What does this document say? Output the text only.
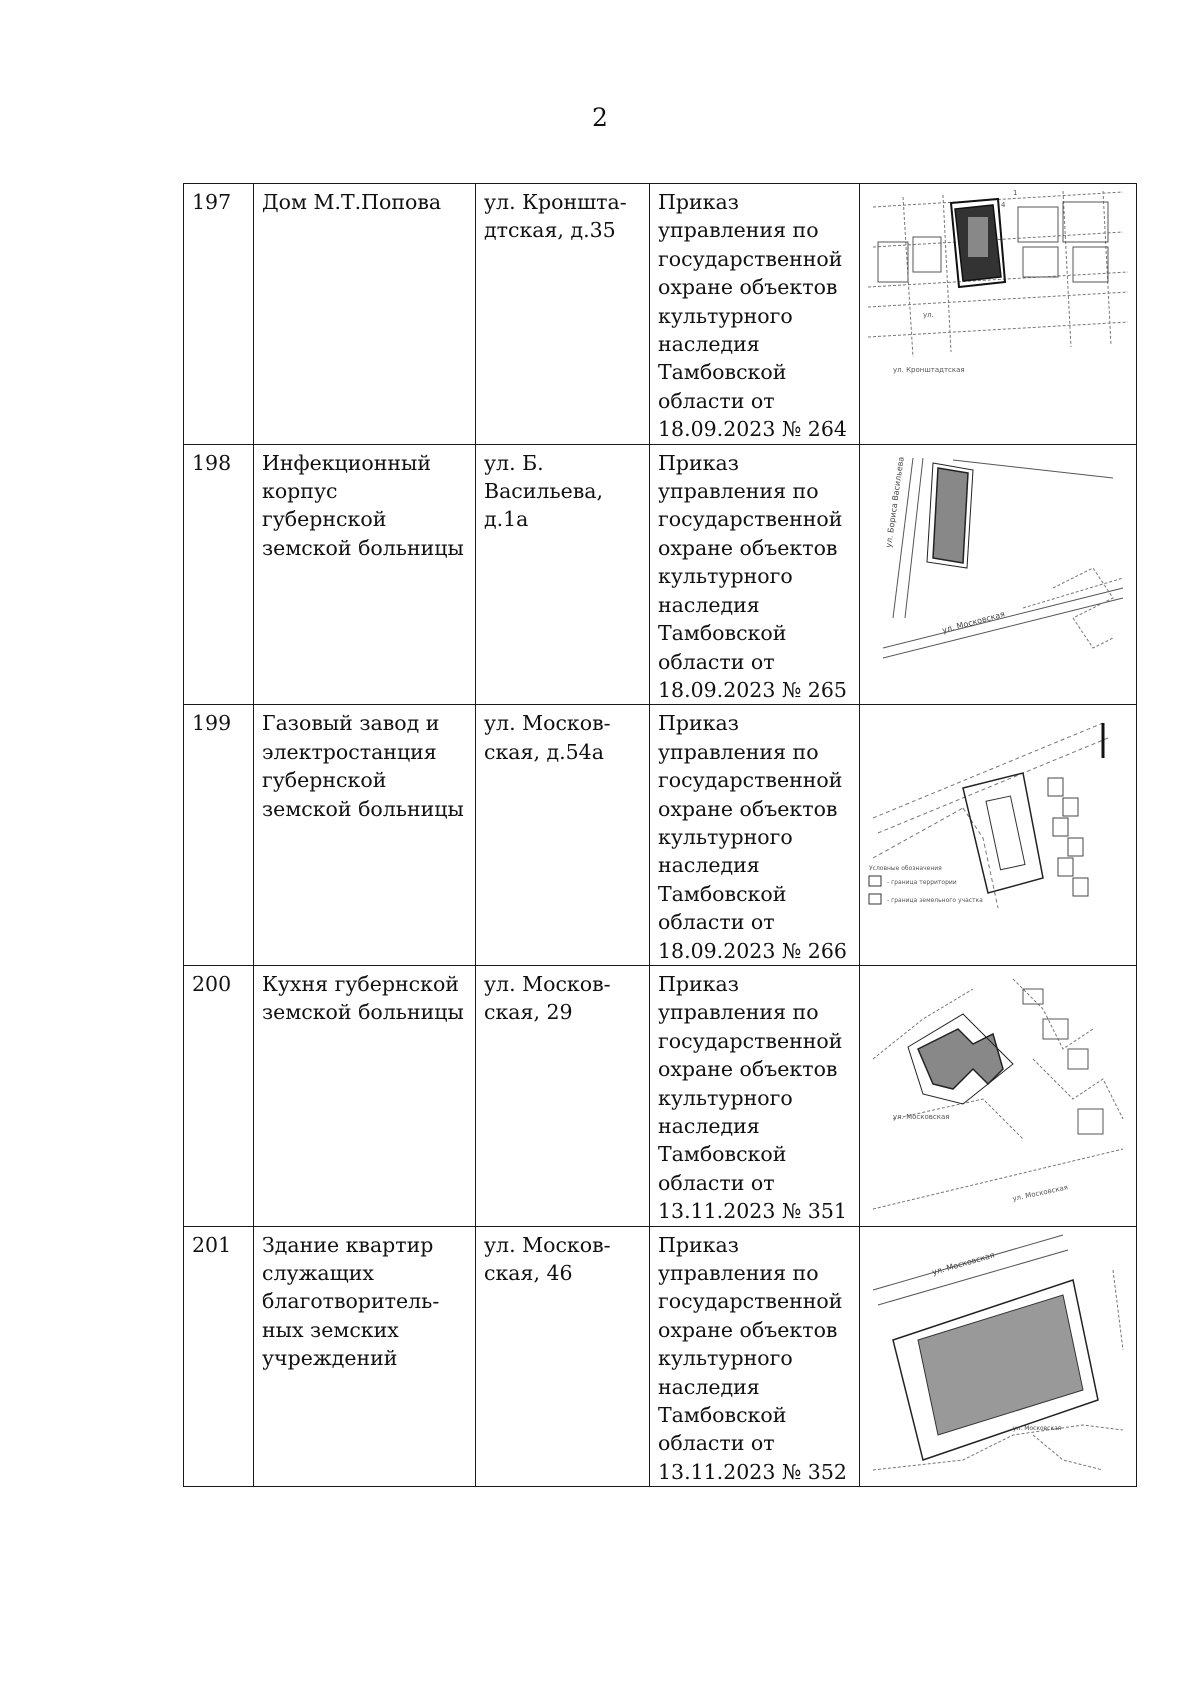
2
197	Дом М.Т.Попова	ул. Кроншта-дтская, д.35	Приказ управления по государственной охране объектов культурного наследия Тамбовской области от 18.09.2023 № 264	ул.
ул. Кронштадтская
1
4

198	Инфекционный корпус губернской земской больницы	ул. Б. Васильева, д.1а	Приказ управления по государственной охране объектов культурного наследия Тамбовской области от 18.09.2023 № 265	ул. Бориса Васильева
ул. Московская

199	Газовый завод и электростанция губернской земской больницы	ул. Москов-ская, д.54а	Приказ управления по государственной охране объектов культурного наследия Тамбовской области от 18.09.2023 № 266	Условные обозначения
- граница территории
- граница земельного участка

200	Кухня губернской земской больницы	ул. Москов-ская, 29	Приказ управления по государственной охране объектов культурного наследия Тамбовской области от 13.11.2023 № 351	ул. Московская
ул. Московская

201	Здание квартир служащих благотворитель-ных земских учреждений	ул. Москов-ская, 46	Приказ управления по государственной охране объектов культурного наследия Тамбовской области от 13.11.2023 № 352	ул. Московская
ул. Московская
